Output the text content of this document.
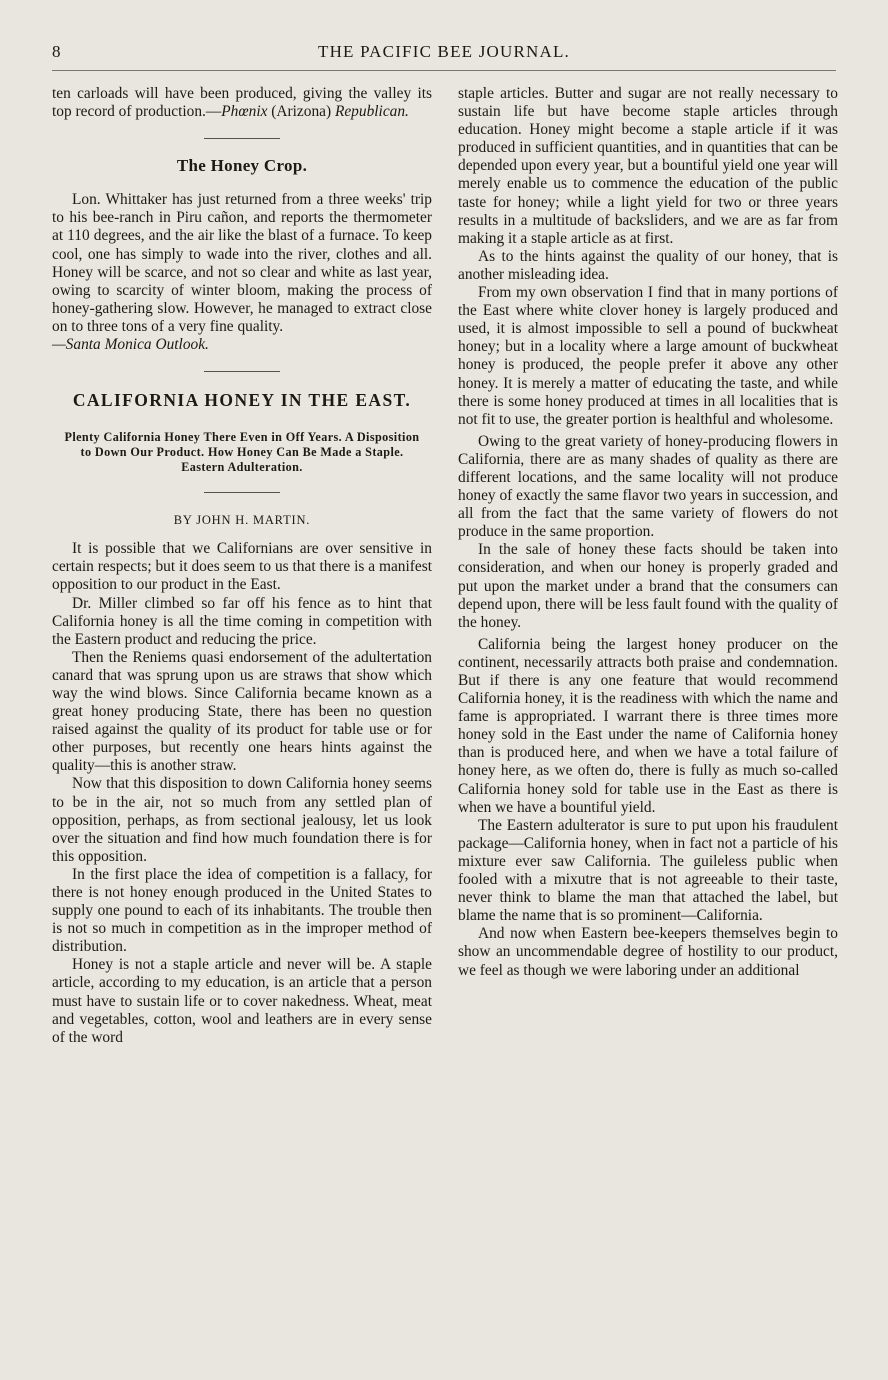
8	THE PACIFIC BEE JOURNAL.

ten carloads will have been produced, giving the valley its top record of production.—Phœnix (Arizona) Republican.

The Honey Crop.

Lon. Whittaker has just returned from a three weeks' trip to his bee-ranch in Piru cañon, and reports the thermometer at 110 degrees, and the air like the blast of a furnace. To keep cool, one has simply to wade into the river, clothes and all. Honey will be scarce, and not so clear and white as last year, owing to scarcity of winter bloom, making the process of honey-gathering slow. However, he managed to extract close on to three tons of a very fine quality.

—Santa Monica Outlook.
CALIFORNIA HONEY IN THE EAST.
Plenty California Honey There Even in Off Years. A Disposition to Down Our Product. How Honey Can Be Made a Staple. Eastern Adulteration.
BY JOHN H. MARTIN.

It is possible that we Californians are over sensitive in certain respects; but it does seem to us that there is a manifest opposition to our product in the East.

Dr. Miller climbed so far off his fence as to hint that California honey is all the time coming in competition with the Eastern product and reducing the price.

Then the Reniems quasi endorsement of the adultertation canard that was sprung upon us are straws that show which way the wind blows. Since California became known as a great honey producing State, there has been no question raised against the quality of its product for table use or for other purposes, but recently one hears hints against the quality—this is another straw.

Now that this disposition to down California honey seems to be in the air, not so much from any settled plan of opposition, perhaps, as from sectional jealousy, let us look over the situation and find how much foundation there is for this opposition.

In the first place the idea of competition is a fallacy, for there is not honey enough produced in the United States to supply one pound to each of its inhabitants. The trouble then is not so much in competition as in the improper method of distribution.

Honey is not a staple article and never will be. A staple article, according to my education, is an article that a person must have to sustain life or to cover nakedness. Wheat, meat and vegetables, cotton, wool and leathers are in every sense of the word

staple articles. Butter and sugar are not really necessary to sustain life but have become staple articles through education. Honey might become a staple article if it was produced in sufficient quantities, and in quantities that can be depended upon every year, but a bountiful yield one year will merely enable us to commence the education of the public taste for honey; while a light yield for two or three years results in a multitude of backsliders, and we are as far from making it a staple article as at first.

As to the hints against the quality of our honey, that is another misleading idea.

From my own observation I find that in many portions of the East where white clover honey is largely produced and used, it is almost impossible to sell a pound of buckwheat honey; but in a locality where a large amount of buckwheat honey is produced, the people prefer it above any other honey. It is merely a matter of educating the taste, and while there is some honey produced at times in all localities that is not fit to use, the greater portion is healthful and wholesome.

Owing to the great variety of honey-producing flowers in California, there are as many shades of quality as there are different locations, and the same locality will not produce honey of exactly the same flavor two years in succession, and all from the fact that the same variety of flowers do not produce in the same proportion.

In the sale of honey these facts should be taken into consideration, and when our honey is properly graded and put upon the market under a brand that the consumers can depend upon, there will be less fault found with the quality of the honey.

California being the largest honey producer on the continent, necessarily attracts both praise and condemnation. But if there is any one feature that would recommend California honey, it is the readiness with which the name and fame is appropriated. I warrant there is three times more honey sold in the East under the name of California honey than is produced here, and when we have a total failure of honey here, as we often do, there is fully as much so-called California honey sold for table use in the East as there is when we have a bountiful yield.

The Eastern adulterator is sure to put upon his fraudulent package—California honey, when in fact not a particle of his mixture ever saw California. The guileless public when fooled with a mixutre that is not agreeable to their taste, never think to blame the man that attached the label, but blame the name that is so prominent—California.

And now when Eastern bee-keepers themselves begin to show an uncommendable degree of hostility to our product, we feel as though we were laboring under an additional
